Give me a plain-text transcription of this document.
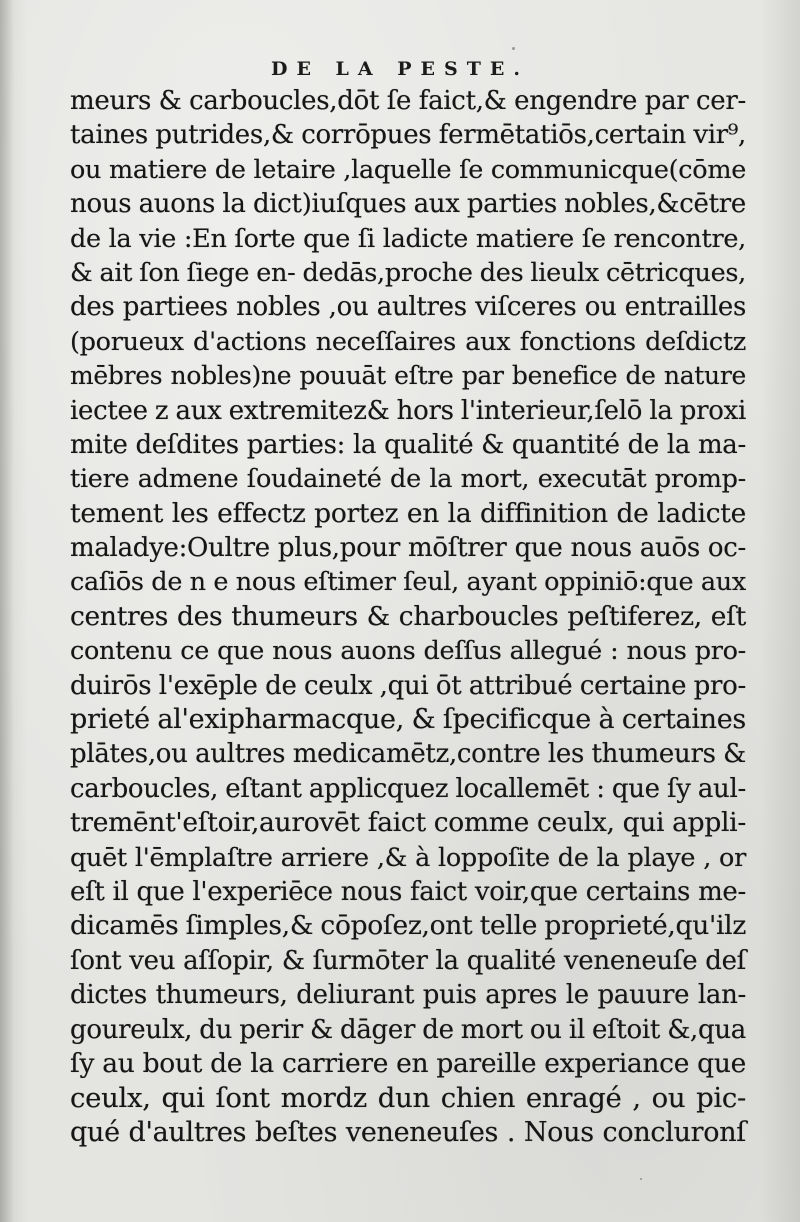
DE LA PESTE.
meurs & carboucles,dōt ſe faict,& engendre par cer-
taines putrides,& corrōpues fermētatiōs,certain vir⁹,
ou matiere de letaire ,laquelle ſe communicque(cōme
nous auons la dict)iuſques aux parties nobles,&cētre
de la vie :En ſorte que ſi ladicte matiere ſe rencontre,
& ait ſon ſiege en- dedās,proche des lieulx cētricques,
des partiees nobles ,ou aultres viſceres ou entrailles
(porueux d'actions neceſſaires aux fonctions deſdictz
mēbres nobles)ne pouuāt eſtre par benefice de nature
iectee z aux extremitez& hors l'interieur,ſelō la proxi
mite deſdites parties: la qualité & quantité de la ma-
tiere admene ſoudaineté de la mort, executāt promp-
tement les effectz portez en la diffinition de ladicte
maladye:Oultre plus,pour mōſtrer que nous auōs oc-
caſiōs de n e nous eſtimer ſeul, ayant oppiniō:que aux
centres des thumeurs & charboucles peſtiferez, eſt
contenu ce que nous auons deſſus allegué : nous pro-
duirōs l'exēple de ceulx ,qui ōt attribué certaine pro-
prieté al'exipharmacque, & ſpecificque à certaines
plātes,ou aultres medicamētz,contre les thumeurs &
carboucles, eſtant applicquez locallemēt : que ſy aul-
tremēnt'eſtoir,aurovēt faict comme ceulx, qui appli-
quēt l'ēmplaſtre arriere ,& à loppoſite de la playe , or
eſt il que l'experiēce nous faict voir,que certains me-
dicamēs ſimples,& cōpoſez,ont telle proprieté,qu'ilz
ſont veu aſſopir, & ſurmōter la qualité veneneuſe deſ
dictes thumeurs, deliurant puis apres le pauure lan-
goureulx, du perir & dāger de mort ou il eſtoit &,qua
ſy au bout de la carriere en pareille experiance que
ceulx, qui ſont mordz dun chien enragé , ou pic-
qué d'aultres beſtes veneneuſes . Nous concluronſ
